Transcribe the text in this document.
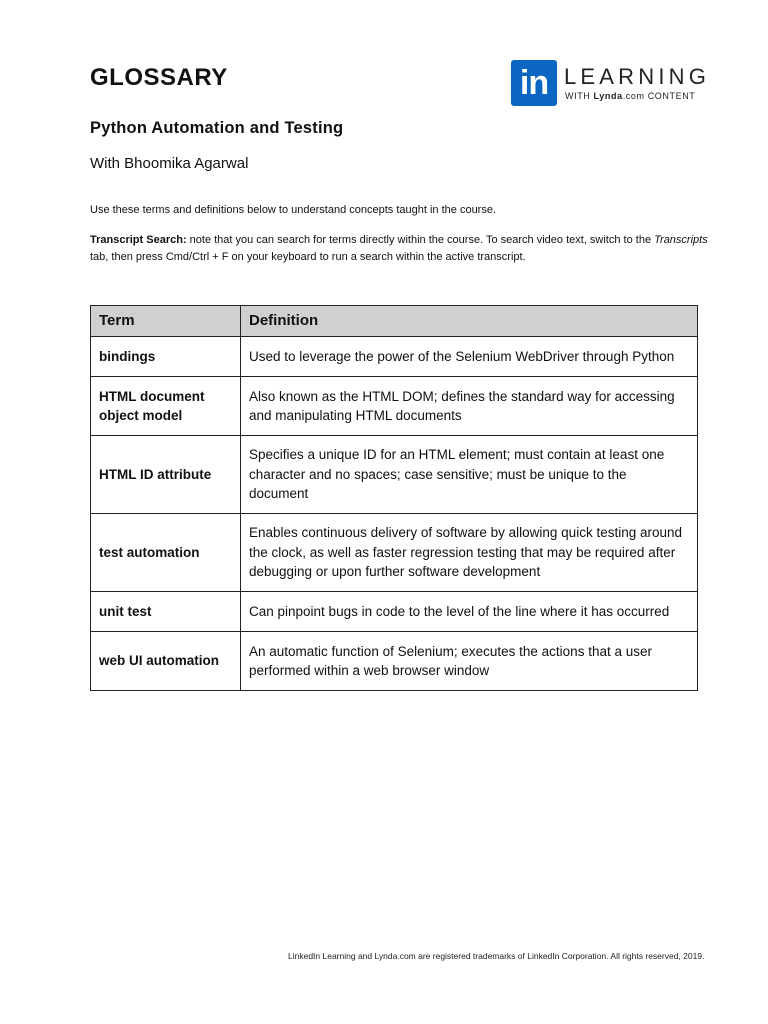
GLOSSARY
Python Automation and Testing

With Bhoomika Agarwal

in LEARNING
WITH Lynda.com CONTENT

Use these terms and definitions below to understand concepts taught in the course.

Transcript Search: note that you can search for terms directly within the course. To search video text, switch to the Transcripts tab, then press Cmd/Ctrl + F on your keyboard to run a search within the active transcript.

Term	Definition
bindings	Used to leverage the power of the Selenium WebDriver through Python
HTML document object model	Also known as the HTML DOM; defines the standard way for accessing and manipulating HTML documents
HTML ID attribute	Specifies a unique ID for an HTML element; must contain at least one character and no spaces; case sensitive; must be unique to the document
test automation	Enables continuous delivery of software by allowing quick testing around the clock, as well as faster regression testing that may be required after debugging or upon further software development
unit test	Can pinpoint bugs in code to the level of the line where it has occurred
web UI automation	An automatic function of Selenium; executes the actions that a user performed within a web browser window

LinkedIn Learning and Lynda.com are registered trademarks of LinkedIn Corporation. All rights reserved, 2019.
